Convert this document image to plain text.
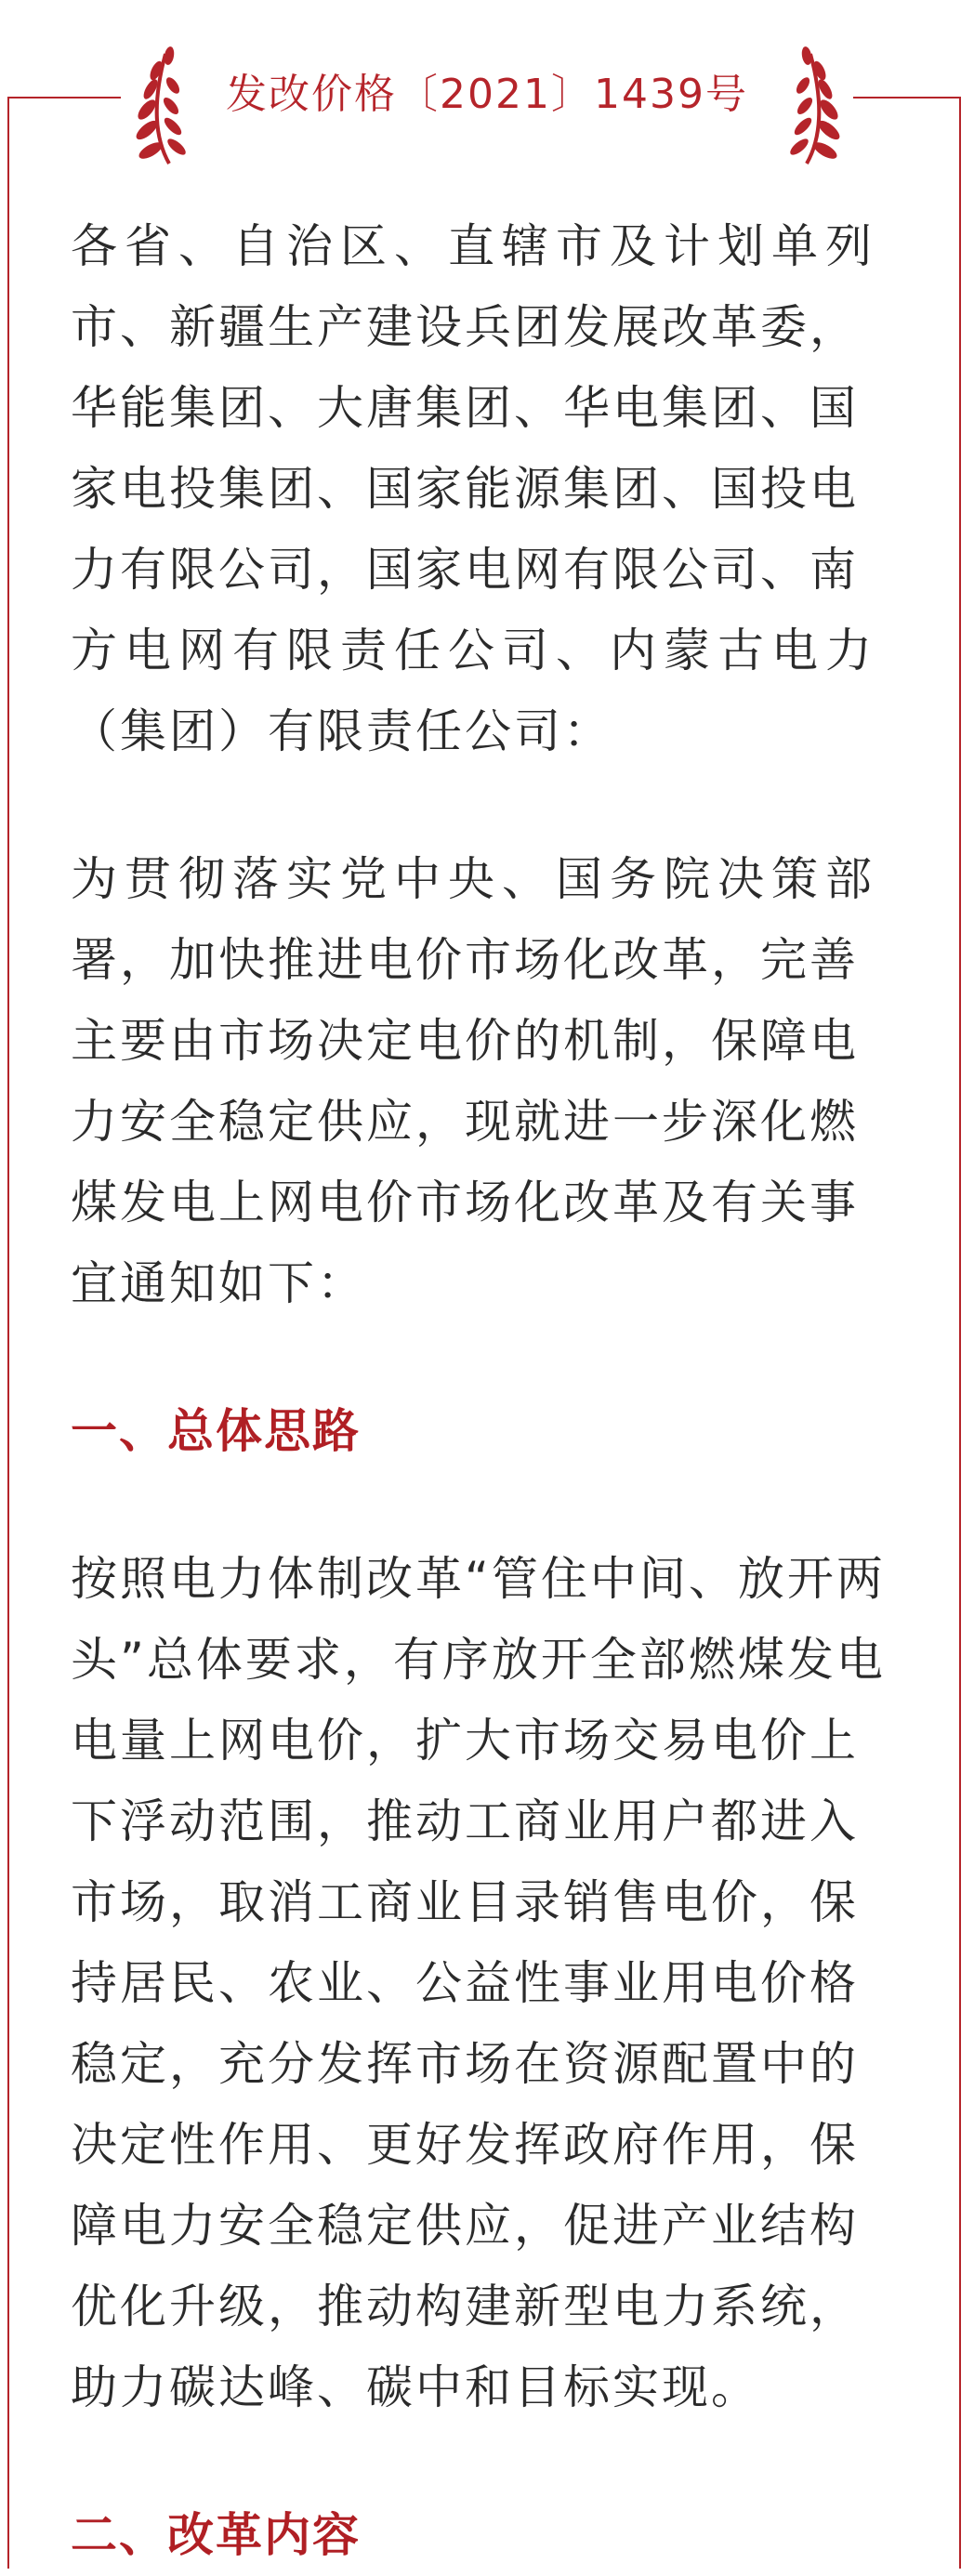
发改价格〔2021〕1439号

各省、自治区、直辖市及计划单列

市、新疆生产建设兵团发展改革委，

华能集团、大唐集团、华电集团、国

家电投集团、国家能源集团、国投电

力有限公司，国家电网有限公司、南

方电网有限责任公司、内蒙古电力

（集团）有限责任公司：

为贯彻落实党中央、国务院决策部

署，加快推进电价市场化改革，完善

主要由市场决定电价的机制，保障电

力安全稳定供应，现就进一步深化燃

煤发电上网电价市场化改革及有关事

宜通知如下：

一、总体思路

按照电力体制改革“管住中间、放开两

头”总体要求，有序放开全部燃煤发电

电量上网电价，扩大市场交易电价上

下浮动范围，推动工商业用户都进入

市场，取消工商业目录销售电价，保

持居民、农业、公益性事业用电价格

稳定，充分发挥市场在资源配置中的

决定性作用、更好发挥政府作用，保

障电力安全稳定供应，促进产业结构

优化升级，推动构建新型电力系统，

助力碳达峰、碳中和目标实现。

二、改革内容
